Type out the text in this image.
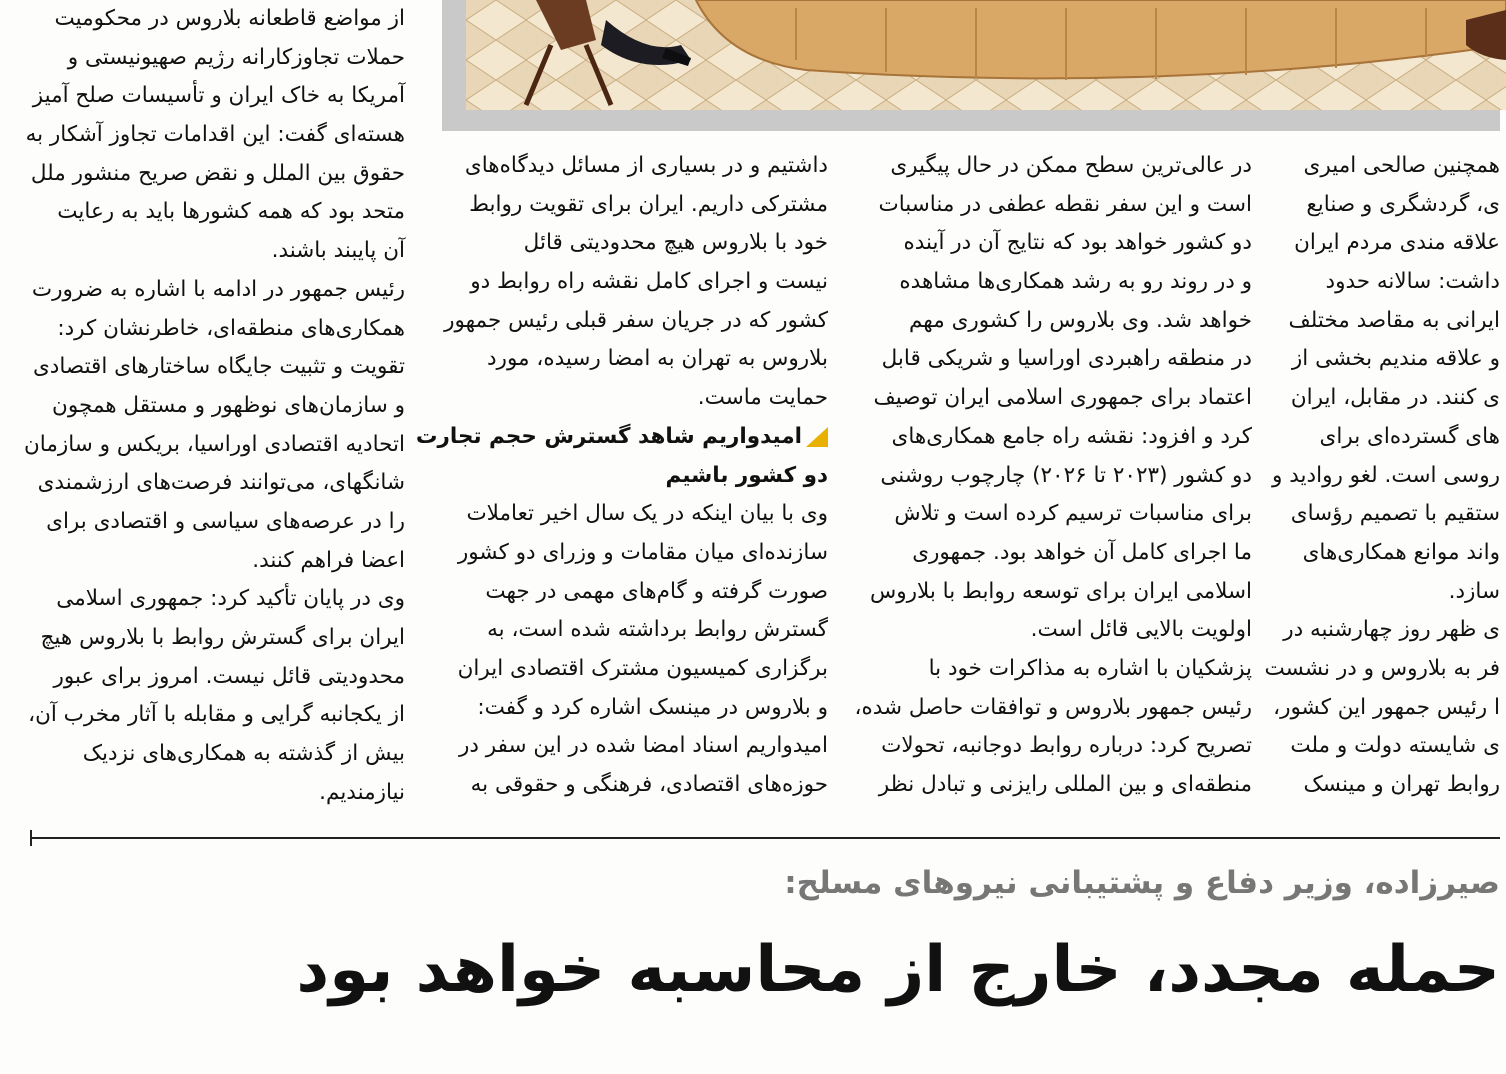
از مواضع قاطعانه بلاروس در محکومیت

حملات تجاوزکارانه رژیم صهیونیستی و

آمریکا به خاک ایران و تأسیسات صلح آمیز

هسته‌ای گفت: این اقدامات تجاوز آشکار به

حقوق بین الملل و نقض صریح منشور ملل

متحد بود که همه کشورها باید به رعایت

آن پایبند باشند.

رئیس جمهور در ادامه با اشاره به ضرورت

همکاری‌های منطقه‌ای، خاطرنشان کرد:

تقویت و تثبیت جایگاه ساختارهای اقتصادی

و سازمان‌های نوظهور و مستقل همچون

اتحادیه اقتصادی اوراسیا، بریکس و سازمان

شانگهای، می‌توانند فرصت‌های ارزشمندی

را در عرصه‌های سیاسی و اقتصادی برای

اعضا فراهم کنند.

وی در پایان تأکید کرد: جمهوری اسلامی

ایران برای گسترش روابط با بلاروس هیچ

محدودیتی قائل نیست. امروز برای عبور

از یکجانبه گرایی و مقابله با آثار مخرب آن،

بیش از گذشته به همکاری‌های نزدیک

نیازمندیم.

داشتیم و در بسیاری از مسائل دیدگاه‌های

مشترکی داریم. ایران برای تقویت روابط

خود با بلاروس هیچ محدودیتی قائل

نیست و اجرای کامل نقشه راه روابط دو

کشور که در جریان سفر قبلی رئیس جمهور

بلاروس به تهران به امضا رسیده، مورد

حمایت ماست.

امیدواریم شاهد گسترش حجم تجارت

دو کشور باشیم

وی با بیان اینکه در یک سال اخیر تعاملات

سازنده‌ای میان مقامات و وزرای دو کشور

صورت گرفته و گام‌های مهمی در جهت

گسترش روابط برداشته شده است، به

برگزاری کمیسیون مشترک اقتصادی ایران

و بلاروس در مینسک اشاره کرد و گفت:

امیدواریم اسناد امضا شده در این سفر در

حوزه‌های اقتصادی، فرهنگی و حقوقی به

در عالی‌ترین سطح ممکن در حال پیگیری

است و این سفر نقطه عطفی در مناسبات

دو کشور خواهد بود که نتایج آن در آینده

و در روند رو به رشد همکاری‌ها مشاهده

خواهد شد. وی بلاروس را کشوری مهم

در منطقه راهبردی اوراسیا و شریکی قابل

اعتماد برای جمهوری اسلامی ایران توصیف

کرد و افزود: نقشه راه جامع همکاری‌های

دو کشور (۲۰۲۳ تا ۲۰۲۶) چارچوب روشنی

برای مناسبات ترسیم کرده است و تلاش

ما اجرای کامل آن خواهد بود. جمهوری

اسلامی ایران برای توسعه روابط با بلاروس

اولویت بالایی قائل است.

پزشکیان با اشاره به مذاکرات خود با

رئیس جمهور بلاروس و توافقات حاصل شده،

تصریح کرد: درباره روابط دوجانبه، تحولات

منطقه‌ای و بین المللی رایزنی و تبادل نظر

همچنین صالحی امیری

ی، گردشگری و صنایع

علاقه مندی مردم ایران

داشت: سالانه حدود

ایرانی به مقاصد مختلف

و علاقه مندیم بخشی از

ی کنند. در مقابل، ایران

های گسترده‌ای برای

روسی است. لغو روادید و

ستقیم با تصمیم رؤسای

واند موانع همکاری‌های

سازد.

ی ظهر روز چهارشنبه در

فر به بلاروس و در نشست

ا رئیس جمهور این کشور،

ی شایسته دولت و ملت

روابط تهران و مینسک

صیرزاده، وزیر دفاع و پشتیبانی نیروهای مسلح:
حمله مجدد، خارج از محاسبه خواهد بود
